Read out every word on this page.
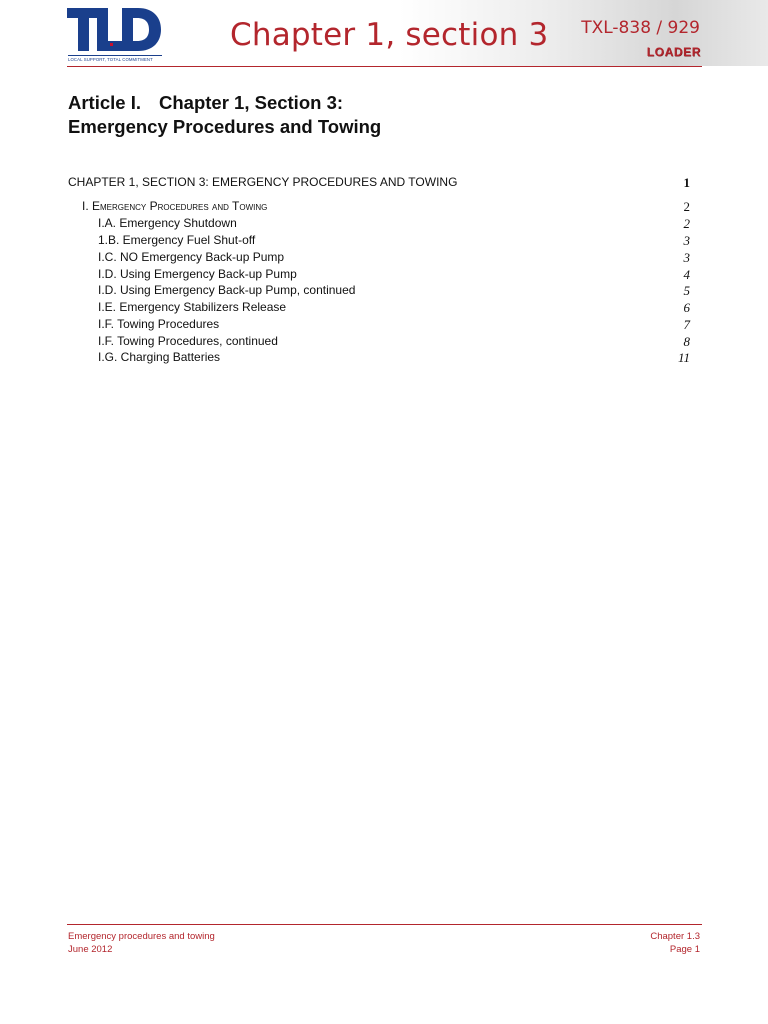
LOCAL SUPPORT, TOTAL COMMITMENT
Chapter 1, section 3 TXL-838 / 929
LOADER
Article I. Chapter 1, Section 3:
Emergency Procedures and Towing
CHAPTER 1, SECTION 3: EMERGENCY PROCEDURES AND TOWING	1
I. Emergency Procedures and Towing	2
I.A. Emergency Shutdown	2
1.B. Emergency Fuel Shut-off	3
I.C. NO Emergency Back-up Pump	3
I.D. Using Emergency Back-up Pump	4
I.D. Using Emergency Back-up Pump, continued	5
I.E. Emergency Stabilizers Release	6
I.F. Towing Procedures	7
I.F. Towing Procedures, continued	8
I.G. Charging Batteries	11
Emergency procedures and towing
June 2012
Chapter 1.3
Page 1
